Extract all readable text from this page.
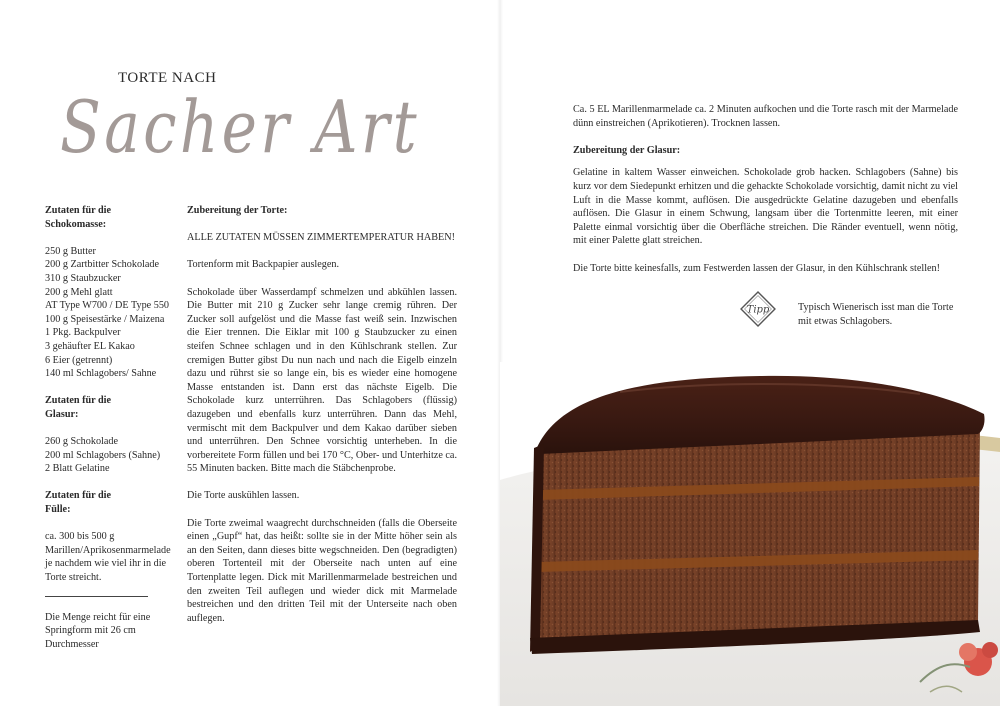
TORTE NACH
Sacher Art
Zutaten für die
Schokomasse:
250 g Butter
200 g Zartbitter Schokolade
310 g Staubzucker
200 g Mehl glatt
AT Type W700 / DE Type 550
100 g Speisestärke / Maizena
1 Pkg. Backpulver
3 gehäufter EL Kakao
6 Eier (getrennt)
140 ml Schlagobers/ Sahne
Zutaten für die
Glasur:
260 g Schokolade
200 ml Schlagobers (Sahne)
2 Blatt Gelatine
Zutaten für die
Fülle:
ca. 300 bis 500 g
Marillen/Aprikosenmarmelade
je nachdem wie viel ihr in die
Torte streicht.
Die Menge reicht für eine
Springform mit 26 cm
Durchmesser
Zubereitung der Torte:
ALLE ZUTATEN MÜSSEN ZIMMERTEMPERATUR HABEN!
Tortenform mit Backpapier auslegen.
Schokolade über Wasserdampf schmelzen und abkühlen lassen. Die Butter mit 210 g Zucker sehr lange cremig rühren. Der Zucker soll aufgelöst und die Masse fast weiß sein. Inzwischen die Eier trennen. Die Eiklar mit 100 g Staubzucker zu einen steifen Schnee schlagen und in den Kühlschrank stellen. Zur cremigen Butter gibst Du nun nach und nach die Eigelb einzeln dazu und rührst sie so lange ein, bis es wieder eine homogene Masse entstanden ist. Dann erst das nächste Eigelb. Die Schokolade kurz unterrühren. Das Schlagobers (flüssig) dazugeben und ebenfalls kurz unterrühren. Dann das Mehl, vermischt mit dem Backpulver und dem Kakao darüber sieben und unterrühren. Den Schnee vorsichtig unterheben. In die vorbereitete Form füllen und bei 170 °C, Ober- und Unterhitze ca. 55 Minuten backen. Bitte mach die Stäbchenprobe.
Die Torte auskühlen lassen.
Die Torte zweimal waagrecht durchschneiden (falls die Oberseite einen „Gupf“ hat, das heißt: sollte sie in der Mitte höher sein als an den Seiten, dann dieses bitte wegschneiden. Den (begradigten) oberen Tortenteil mit der Oberseite nach unten auf eine Tortenplatte legen. Dick mit Marillenmarmelade bestreichen und den zweiten Teil auflegen und wieder dick mit Marmelade bestreichen und den dritten Teil mit der Unterseite nach oben auflegen.
Ca. 5 EL Marillenmarmelade ca. 2 Minuten aufkochen und die Torte rasch mit der Marmelade dünn einstreichen (Aprikotieren). Trocknen lassen.
Zubereitung der Glasur:
Gelatine in kaltem Wasser einweichen. Schokolade grob hacken. Schlagobers (Sahne) bis kurz vor dem Siedepunkt erhitzen und die gehackte Schokolade vorsichtig, damit nicht zu viel Luft in die Masse kommt, auflösen. Die ausgedrückte Gelatine dazugeben und ebenfalls auflösen. Die Glasur in einem Schwung, langsam über die Tortenmitte leeren, mit einer Palette einmal vorsichtig über die Oberfläche streichen. Die Ränder eventuell, wenn nötig, mit einer Palette glatt streichen.
Die Torte bitte keinesfalls, zum Festwerden lassen der Glasur, in den Kühlschrank stellen!
Tipp	Typisch Wienerisch isst man die Torte mit etwas Schlagobers.
